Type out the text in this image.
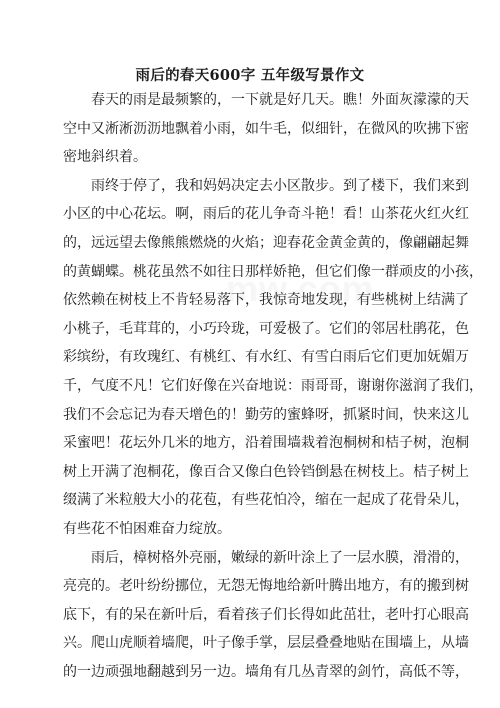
雨后的春天600字 五年级写景作文
春天的雨是最频繁的，一下就是好几天。瞧！外面灰濛濛的天
空中又淅淅沥沥地飘着小雨，如牛毛，似细针，在微风的吹拂下密
密地斜织着。
雨终于停了，我和妈妈决定去小区散步。到了楼下，我们来到
小区的中心花坛。啊，雨后的花儿争奇斗艳！看！山茶花火红火红
的，远远望去像熊熊燃烧的火焰；迎春花金黄金黄的，像翩翩起舞
的黄蝴蝶。桃花虽然不如往日那样娇艳，但它们像一群顽皮的小孩，
依然赖在树枝上不肯轻易落下，我惊奇地发现，有些桃树上结满了
小桃子，毛茸茸的，小巧玲珑，可爱极了。它们的邻居杜鹃花，色
彩缤纷，有玫瑰红、有桃红、有水红、有雪白雨后它们更加妩媚万
千，气度不凡！它们好像在兴奋地说：雨哥哥，谢谢你滋润了我们，
我们不会忘记为春天增色的！勤劳的蜜蜂呀，抓紧时间，快来这儿
采蜜吧！花坛外几米的地方，沿着围墙栽着泡桐树和桔子树，泡桐
树上开满了泡桐花，像百合又像白色铃铛倒悬在树枝上。桔子树上
缀满了米粒般大小的花苞，有些花怕冷，缩在一起成了花骨朵儿，
有些花不怕困难奋力绽放。
雨后，樟树格外亮丽，嫩绿的新叶涂上了一层水膜，滑滑的，
亮亮的。老叶纷纷挪位，无怨无悔地给新叶腾出地方，有的搬到树
底下，有的呆在新叶后，看着孩子们长得如此茁壮，老叶打心眼高
兴。爬山虎顺着墙爬，叶子像手掌，层层叠叠地贴在围墙上，从墙
的一边顽强地翻越到另一边。墙角有几丛青翠的剑竹，高低不等，
